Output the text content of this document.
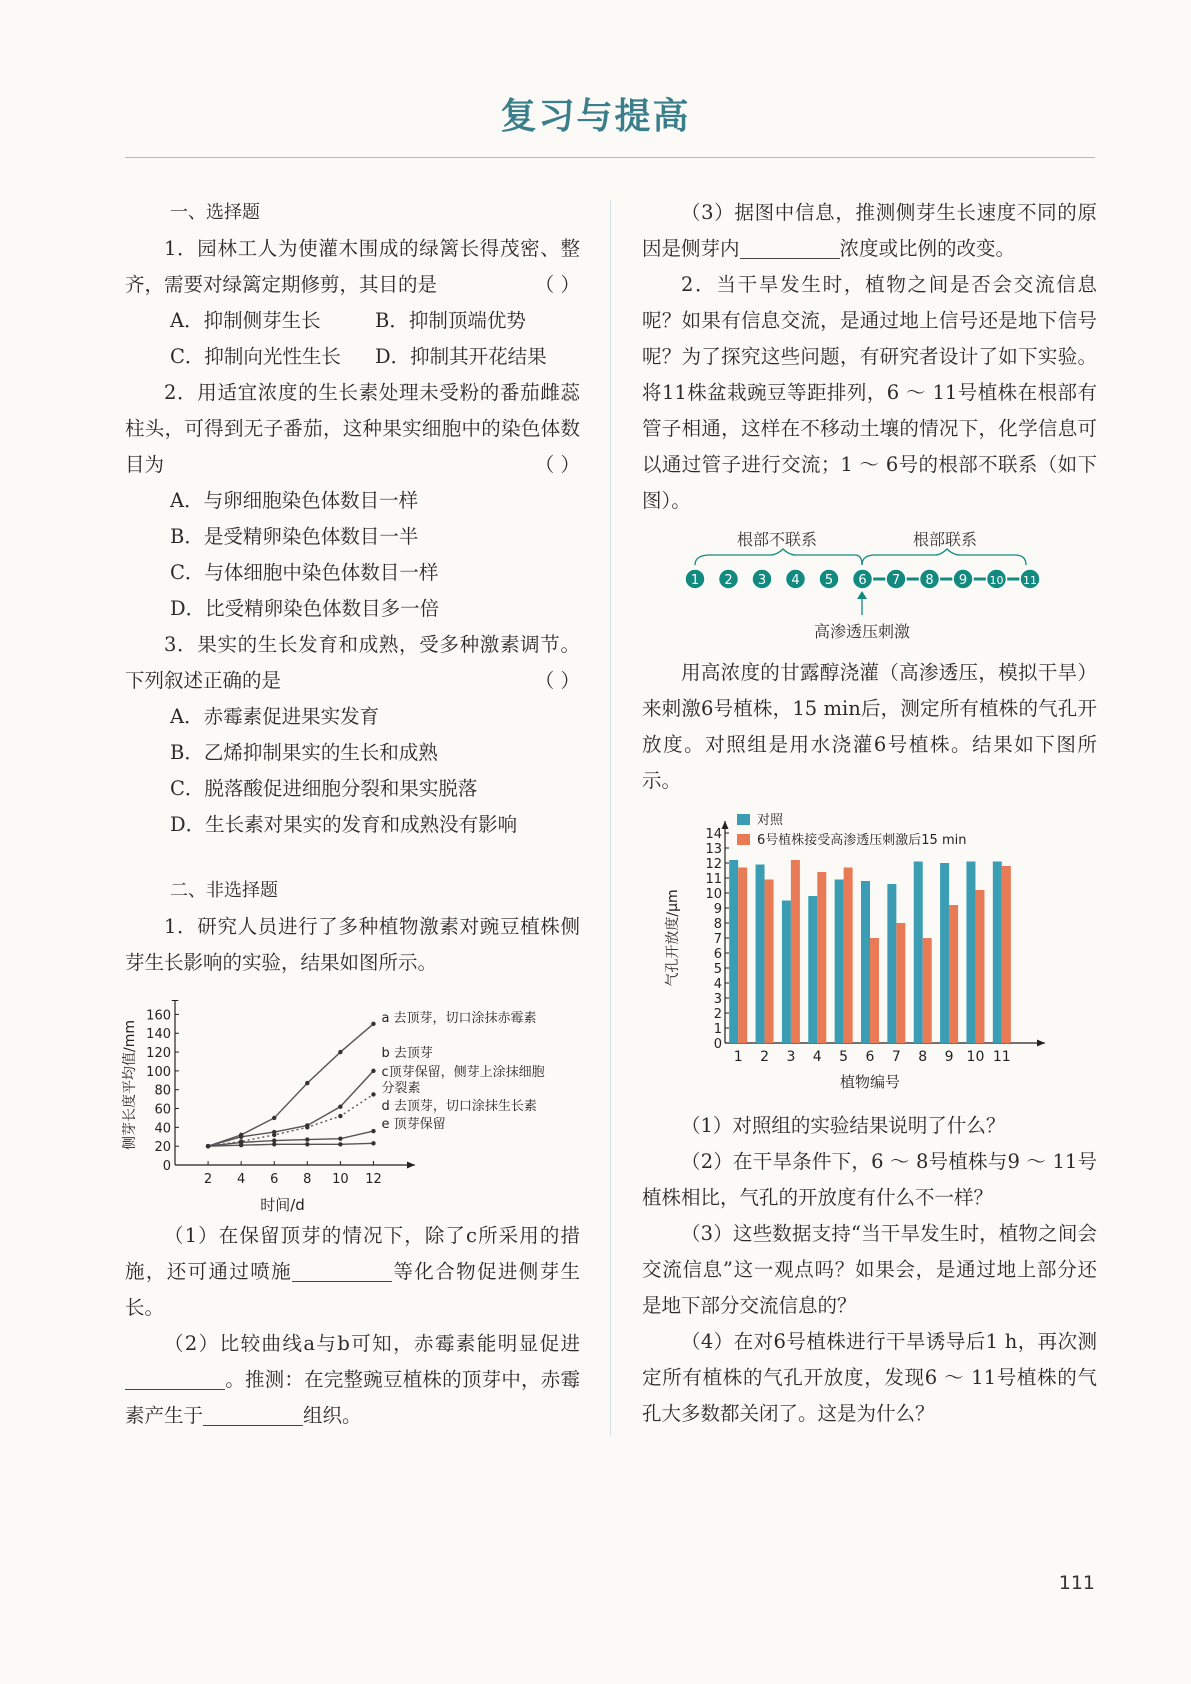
复习与提高

一、选择题

1．园林工人为使灌木围成的绿篱长得茂密、整齐，需要对绿篱定期修剪，其目的是	（ ）

A．抑制侧芽生长	B．抑制顶端优势
C．抑制向光性生长	D．抑制其开花结果

2．用适宜浓度的生长素处理未受粉的番茄雌蕊柱头，可得到无子番茄，这种果实细胞中的染色体数目为	（ ）

A．与卵细胞染色体数目一样

B．是受精卵染色体数目一半

C．与体细胞中染色体数目一样

D．比受精卵染色体数目多一倍

3．果实的生长发育和成熟，受多种激素调节。下列叙述正确的是	（ ）

A．赤霉素促进果实发育

B．乙烯抑制果实的生长和成熟

C．脱落酸促进细胞分裂和果实脱落

D．生长素对果实的发育和成熟没有影响

二、非选择题

1．研究人员进行了多种植物激素对豌豆植株侧芽生长影响的实验，结果如图所示。

0
20
40
60
80
100
120
140
160
2 4 6 8 10 12
时间/d
侧芽长度平均值/mm
a 去顶芽，切口涂抹赤霉素
b 去顶芽
c顶芽保留，侧芽上涂抹细胞分裂素
d 去顶芽，切口涂抹生长素
e 顶芽保留

（1）在保留顶芽的情况下，除了c所采用的措施，还可通过喷施	等化合物促进侧芽生长。

（2）比较曲线a与b可知，赤霉素能明显促进。推测：在完整豌豆植株的顶芽中，赤霉素产生于	组织。

（3）据图中信息，推测侧芽生长速度不同的原因是侧芽内	浓度或比例的改变。

2．当干旱发生时，植物之间是否会交流信息呢？如果有信息交流，是通过地上信号还是地下信号呢？为了探究这些问题，有研究者设计了如下实验。将11株盆栽豌豆等距排列，6 ～ 11号植株在根部有管子相通，这样在不移动土壤的情况下，化学信息可以通过管子进行交流；1 ～ 6号的根部不联系（如下图）。

根部不联系	根部联系
1 2 3 4 5 6 7 8 9 10 11
高渗透压刺激

用高浓度的甘露醇浇灌（高渗透压，模拟干旱）来刺激6号植株，15 min后，测定所有植株的气孔开放度。对照组是用水浇灌6号植株。结果如下图所示。

0
1
2
3
4
5
6
7
8
9
10
11
12
13
14
1 2 3 4 5 6 7 8 9 10 11
植物编号
气孔开放度/μm
对照
6号植株接受高渗透压刺激后15 min

（1）对照组的实验结果说明了什么？

（2）在干旱条件下，6 ～ 8号植株与9 ～ 11号植株相比，气孔的开放度有什么不一样？

（3）这些数据支持“当干旱发生时，植物之间会交流信息”这一观点吗？如果会，是通过地上部分还是地下部分交流信息的？

（4）在对6号植株进行干旱诱导后1 h，再次测定所有植株的气孔开放度，发现6 ～ 11号植株的气孔大多数都关闭了。这是为什么？

111
